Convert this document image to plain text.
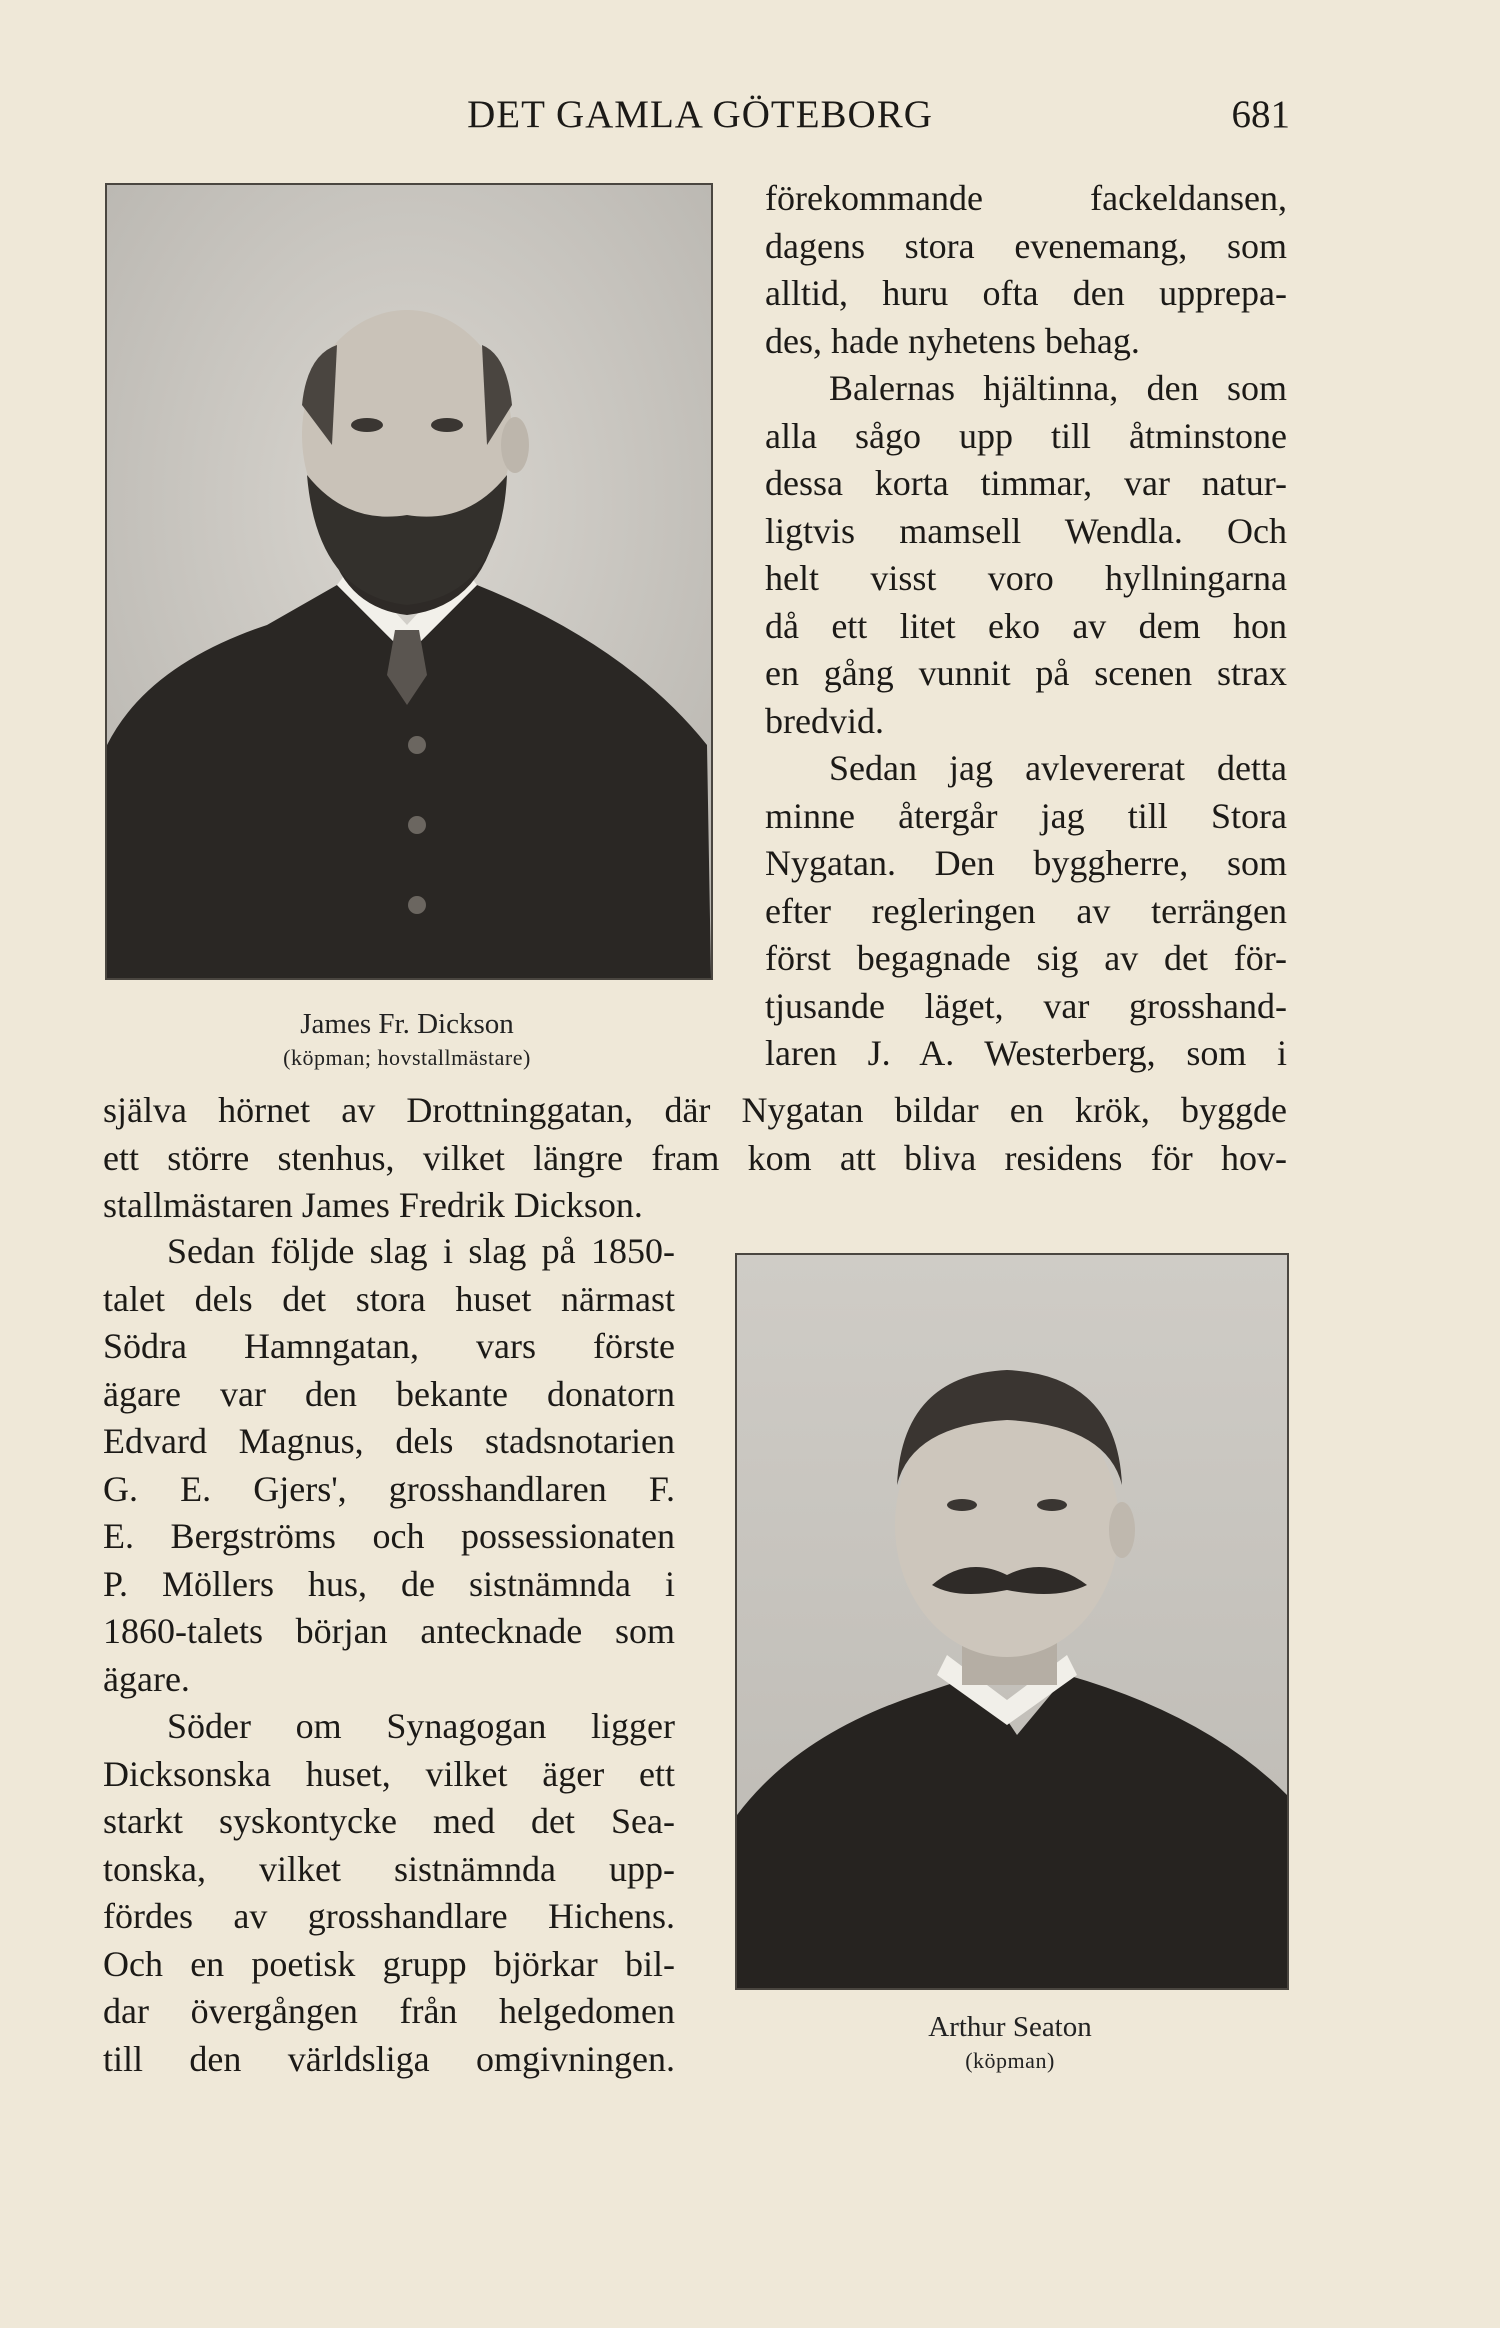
DET GAMLA GÖTEBORG	681
James Fr. Dickson
(köpman; hovstallmästare)
förekommande fackeldansen,
dagens stora evenemang, som
alltid, huru ofta den upprepa-
des, hade nyhetens behag.
Balernas hjältinna, den som
alla sågo upp till åtminstone
dessa korta timmar, var natur-
ligtvis mamsell Wendla. Och
helt visst voro hyllningarna
då ett litet eko av dem hon
en gång vunnit på scenen strax
bredvid.
Sedan jag avlevererat detta
minne återgår jag till Stora
Nygatan. Den byggherre, som
efter regleringen av terrängen
först begagnade sig av det för-
tjusande läget, var grosshand-
laren J. A. Westerberg, som i
själva hörnet av Drottninggatan, där Nygatan bildar en krök, byggde
ett större stenhus, vilket längre fram kom att bliva residens för hov-
stallmästaren James Fredrik Dickson.
Sedan följde slag i slag på 1850-
talet dels det stora huset närmast
Södra Hamngatan, vars förste
ägare var den bekante donatorn
Edvard Magnus, dels stadsnotarien
G. E. Gjers', grosshandlaren F.
E. Bergströms och possessionaten
P. Möllers hus, de sistnämnda i
1860-talets början antecknade som
ägare.
Söder om Synagogan ligger
Dicksonska huset, vilket äger ett
starkt syskontycke med det Sea-
tonska, vilket sistnämnda upp-
fördes av grosshandlare Hichens.
Och en poetisk grupp björkar bil-
dar övergången från helgedomen
till den världsliga omgivningen.
Arthur Seaton
(köpman)
